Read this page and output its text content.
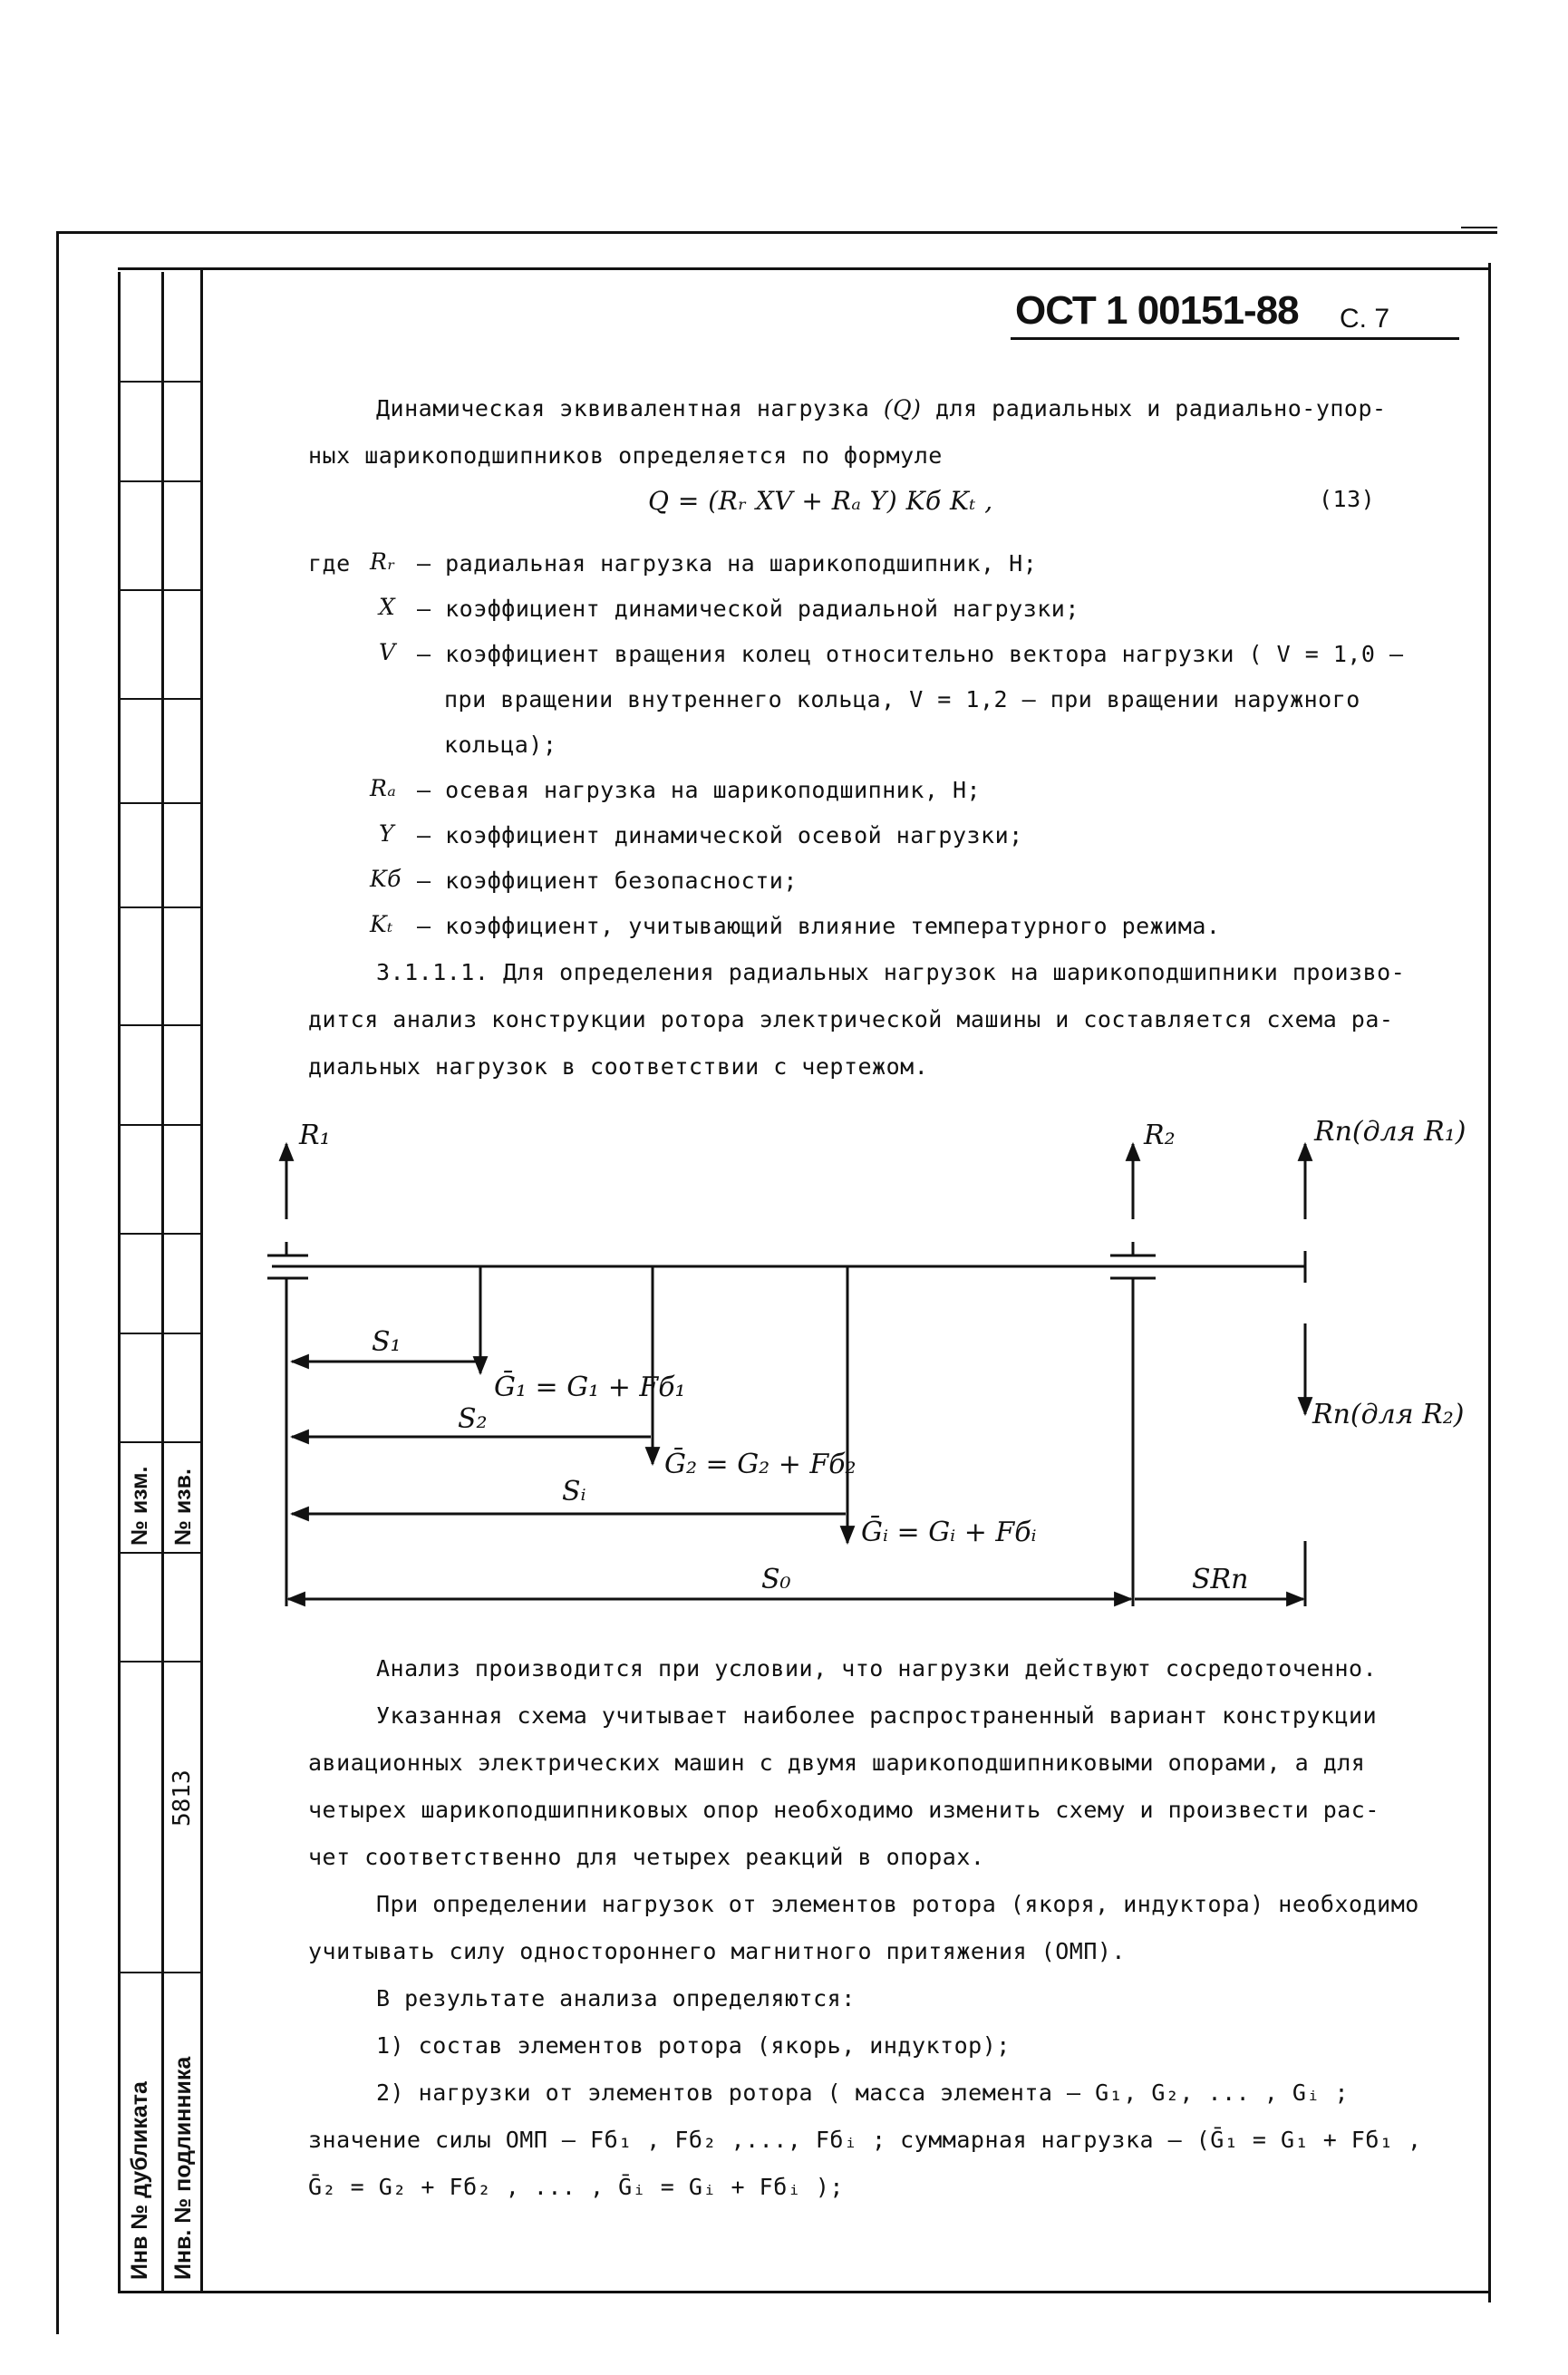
№ изм. № изв.
5813
Инв № дубликата Инв. № подлинника
ОСТ 1 00151-88 С. 7
Динамическая эквивалентная нагрузка (Q) для радиальных и радиально-упор-
ных шарикоподшипников определяется по формуле
Q = (Rᵣ XV + Rₐ Y) Kб Kₜ ,	(13)
где Rᵣ – радиальная нагрузка на шарикоподшипник, Н;
X – коэффициент динамической радиальной нагрузки;
V – коэффициент вращения колец относительно вектора нагрузки ( V = 1,0 –
при вращении внутреннего кольца, V = 1,2 – при вращении наружного
кольца);
Rₐ – осевая нагрузка на шарикоподшипник, Н;
Y – коэффициент динамической осевой нагрузки;
Kб – коэффициент безопасности;
Kₜ – коэффициент, учитывающий влияние температурного режима.
3.1.1.1. Для определения радиальных нагрузок на шарикоподшипники произво-
дится анализ конструкции ротора электрической машины и составляется схема ра-
диальных нагрузок в соответствии с чертежом.
R₁	R₂	Rп(для R₁)
Rп(для R₂)
S₁
S₂
Sᵢ
S₀	SRп
Ḡ₁ = G₁ + Fб₁
Ḡ₂ = G₂ + Fб₂
Ḡᵢ = Gᵢ + Fбᵢ
Анализ производится при условии, что нагрузки действуют сосредоточенно.
Указанная схема учитывает наиболее распространенный вариант конструкции
авиационных электрических машин с двумя шарикоподшипниковыми опорами, а для
четырех шарикоподшипниковых опор необходимо изменить схему и произвести рас-
чет соответственно для четырех реакций в опорах.
При определении нагрузок от элементов ротора (якоря, индуктора) необходимо
учитывать силу одностороннего магнитного притяжения (ОМП).
В результате анализа определяются:
1) состав элементов ротора (якорь, индуктор);
2) нагрузки от элементов ротора ( масса элемента – G₁, G₂, ... , Gᵢ ;
значение силы ОМП – Fб₁ , Fб₂ ,..., Fбᵢ ; суммарная нагрузка – (Ḡ₁ = G₁ + Fб₁ ,
Ḡ₂ = G₂ + Fб₂ , ... , Ḡᵢ = Gᵢ + Fбᵢ );
